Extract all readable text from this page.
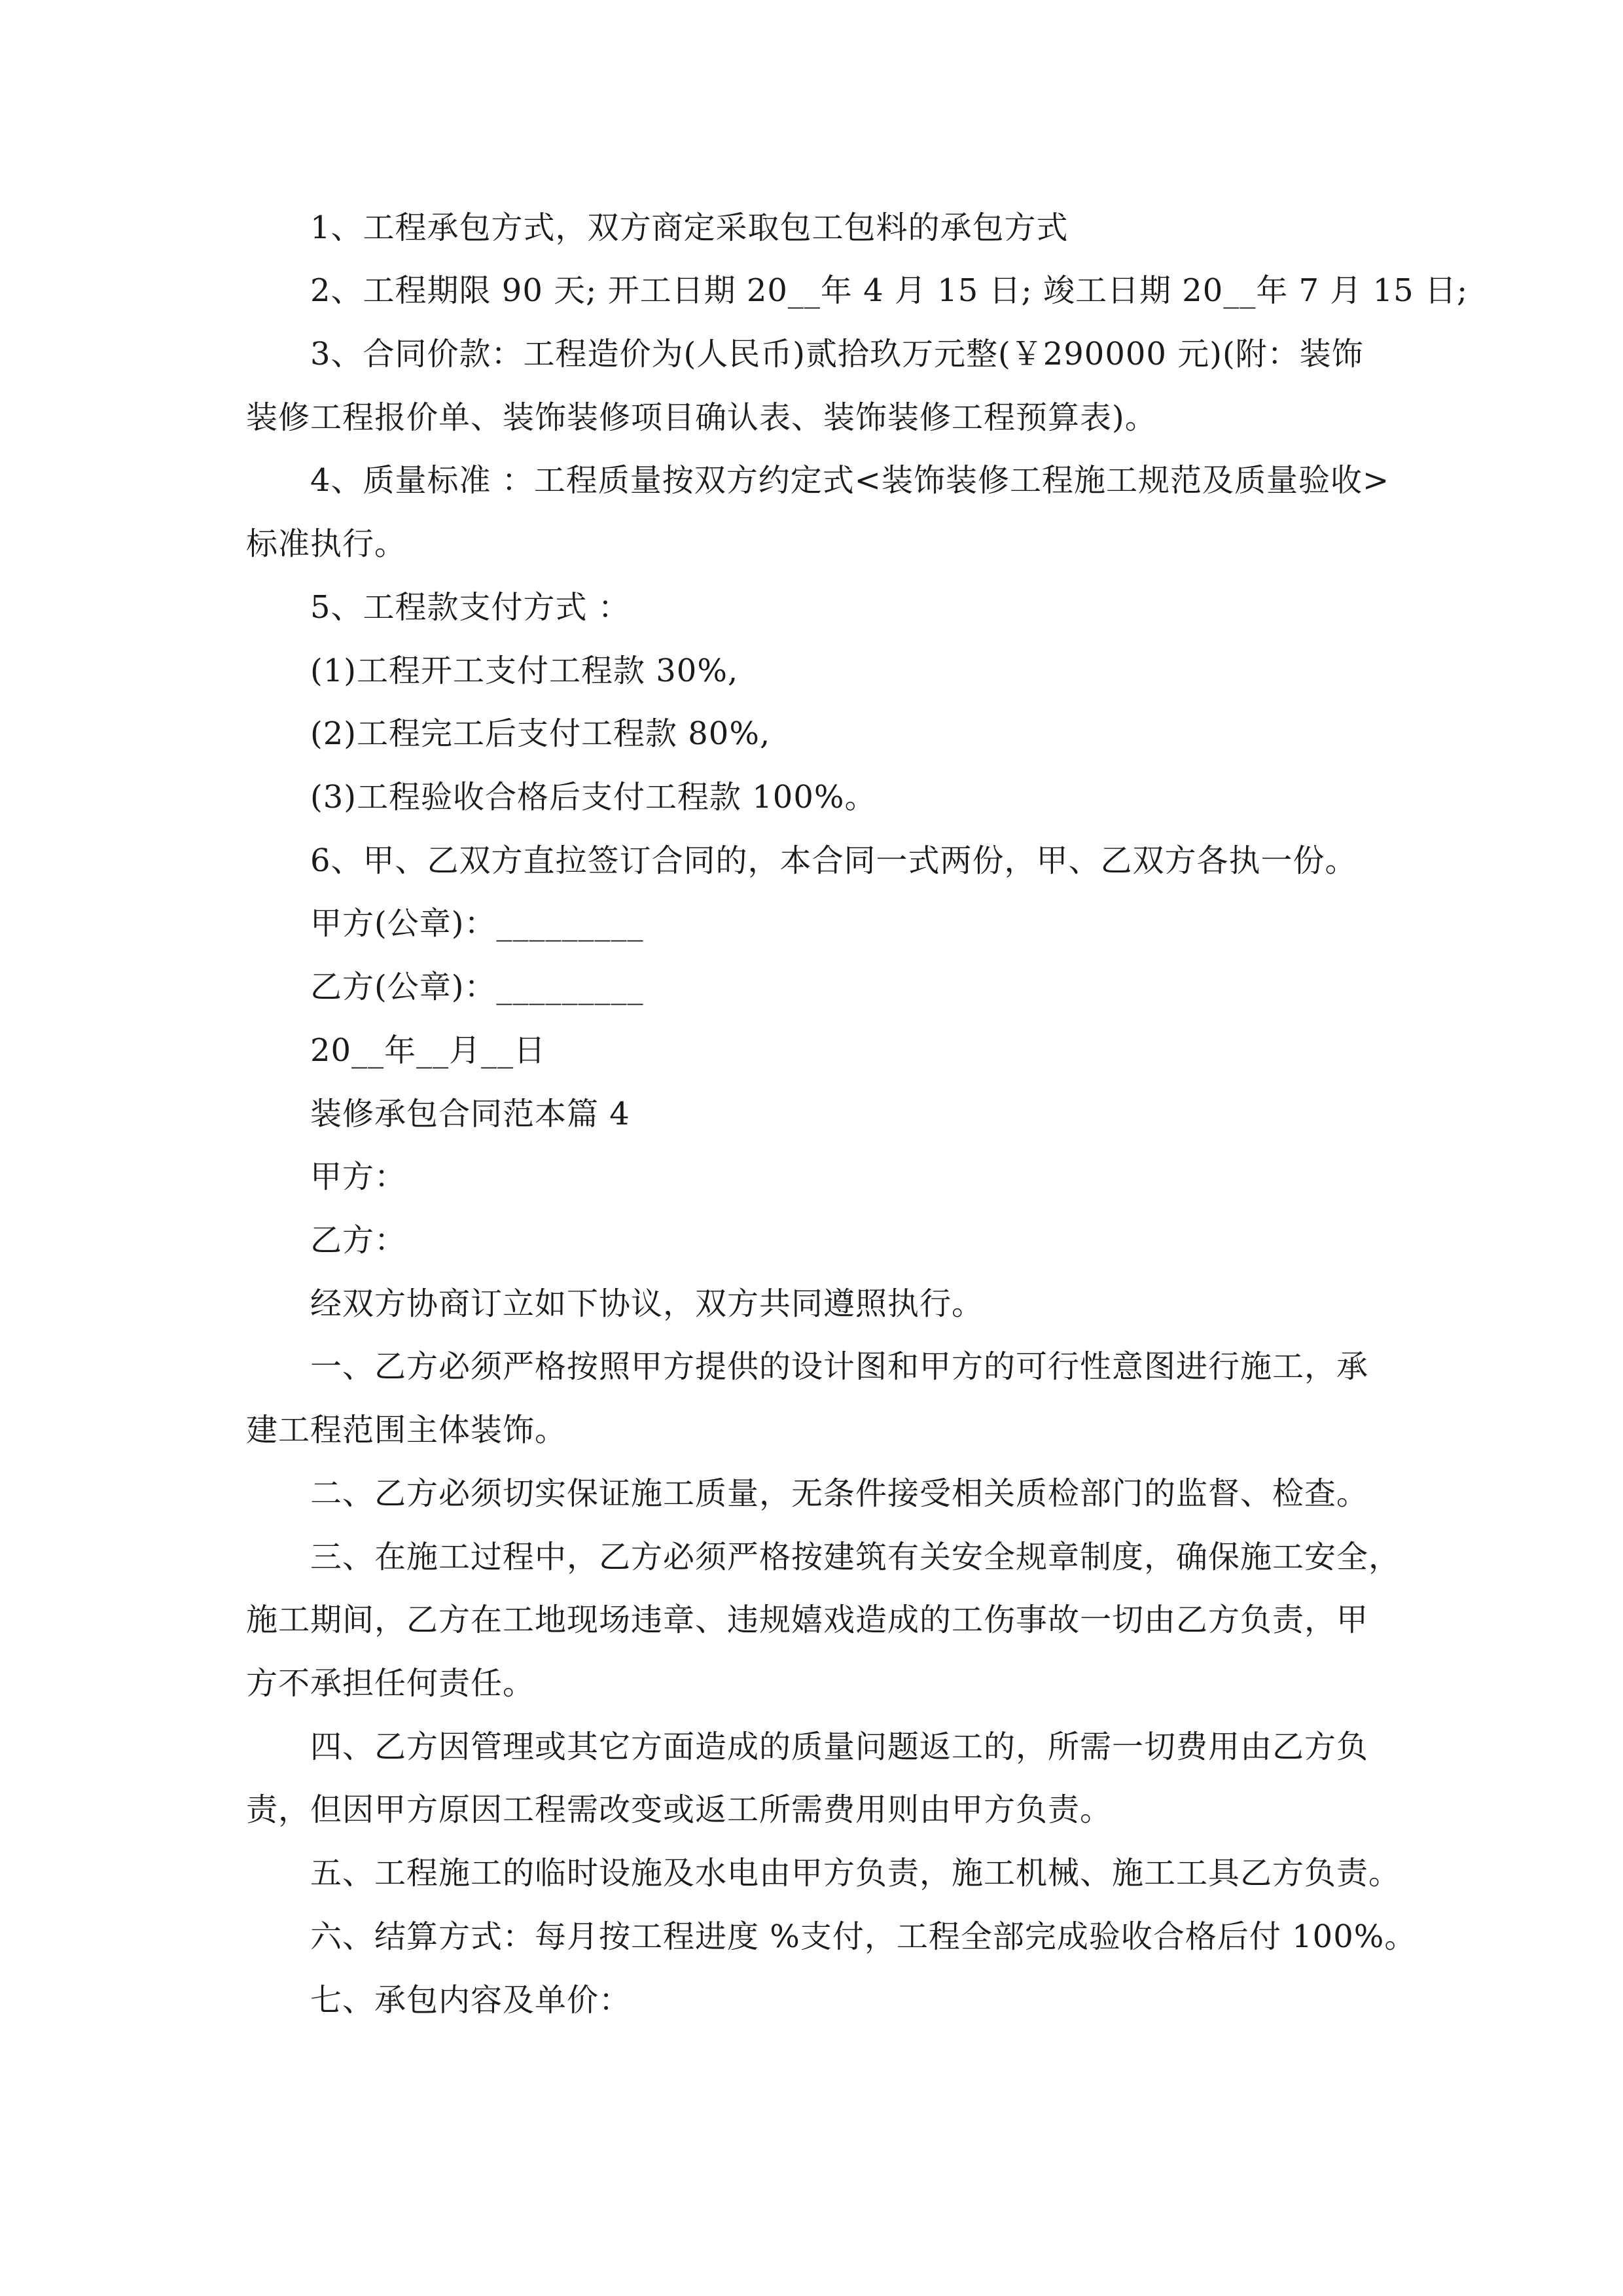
1、工程承包方式，双方商定采取包工包料的承包方式
2、工程期限 90 天; 开工日期 20__年 4 月 15 日; 竣工日期 20__年 7 月 15 日;
3、合同价款：工程造价为(人民币)贰拾玖万元整(￥290000 元)(附：装饰
装修工程报价单、装饰装修项目确认表、装饰装修工程预算表)。
4、质量标准 ：工程质量按双方约定式<装饰装修工程施工规范及质量验收>
标准执行。
5、工程款支付方式 ：
(1)工程开工支付工程款 30%,
(2)工程完工后支付工程款 80%,
(3)工程验收合格后支付工程款 100%。
6、甲、乙双方直拉签订合同的，本合同一式两份，甲、乙双方各执一份。
甲方(公章)：_________
乙方(公章)：_________
20__年__月__日
装修承包合同范本篇 4
甲方：
乙方：
经双方协商订立如下协议，双方共同遵照执行。
一、乙方必须严格按照甲方提供的设计图和甲方的可行性意图进行施工，承
建工程范围主体装饰。
二、乙方必须切实保证施工质量，无条件接受相关质检部门的监督、检查。
三、在施工过程中，乙方必须严格按建筑有关安全规章制度，确保施工安全，
施工期间，乙方在工地现场违章、违规嬉戏造成的工伤事故一切由乙方负责，甲
方不承担任何责任。
四、乙方因管理或其它方面造成的质量问题返工的，所需一切费用由乙方负
责，但因甲方原因工程需改变或返工所需费用则由甲方负责。
五、工程施工的临时设施及水电由甲方负责，施工机械、施工工具乙方负责。
六、结算方式：每月按工程进度 %支付，工程全部完成验收合格后付 100%。
七、承包内容及单价：
